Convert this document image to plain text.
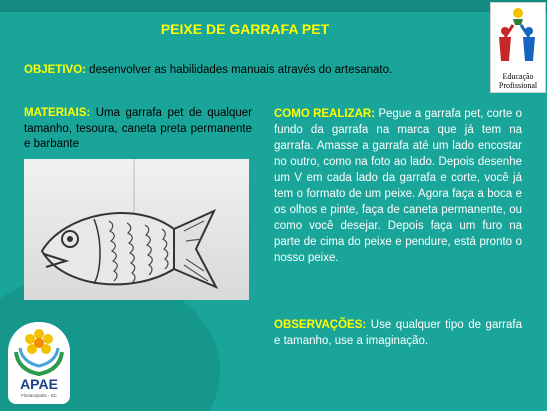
PEIXE DE GARRAFA PET
OBJETIVO: desenvolver as habilidades manuais através do artesanato.
MATERIAIS: Uma garrafa pet de qualquer tamanho, tesoura, caneta preta permanente e barbante
COMO REALIZAR: Pegue a garrafa pet, corte o fundo da garrafa na marca que já tem na garrafa. Amasse a garrafa até um lado encostar no outro, como na foto ao lado. Depois desenhe um V em cada lado da garrafa e corte, você já tem o formato de um peixe. Agora faça a boca e os olhos e pinte, faça de caneta permanente, ou como você desejar. Depois faça um furo na parte de cima do peixe e pendure, está pronto o nosso peixe.
OBSERVAÇÕES: Use qualquer tipo de garrafa e tamanho, use a imaginação.
Educação
Profissional
APAE
Florianópolis - SC
